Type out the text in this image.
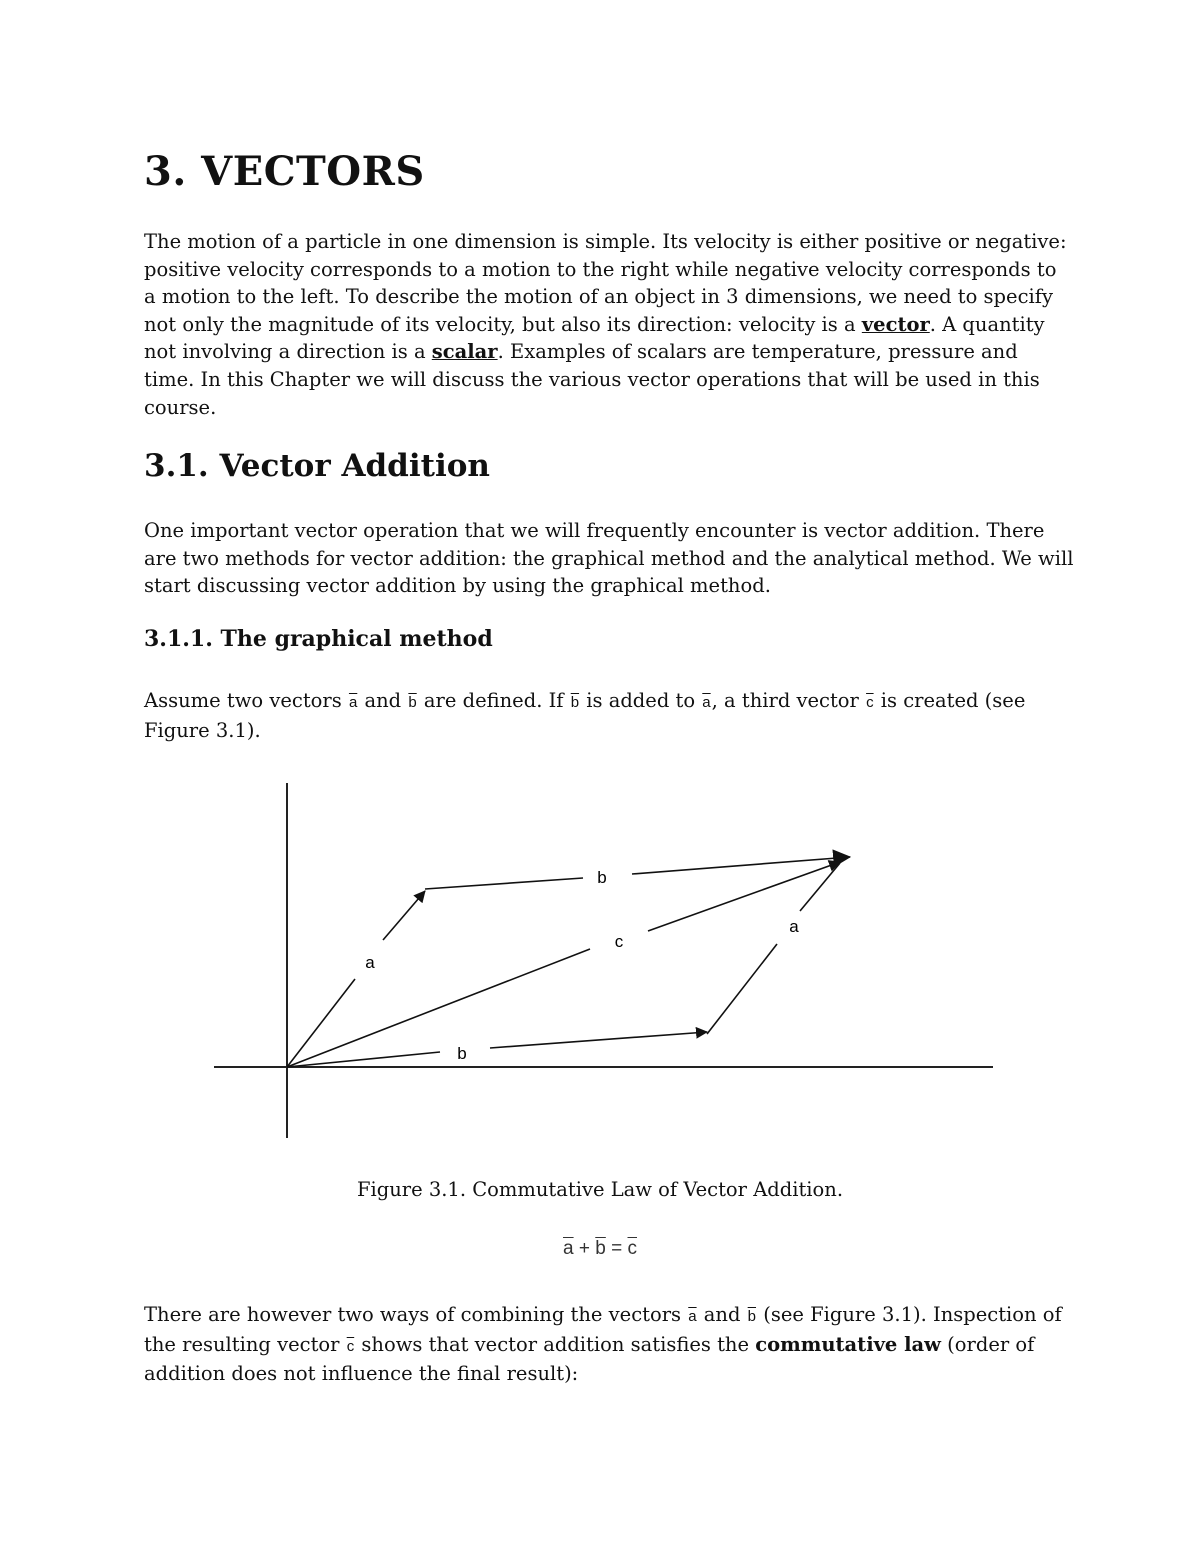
3. VECTORS

The motion of a particle in one dimension is simple. Its velocity is either positive or negative: positive velocity corresponds to a motion to the right while negative velocity corresponds to a motion to the left. To describe the motion of an object in 3 dimensions, we need to specify not only the magnitude of its velocity, but also its direction: velocity is a vector. A quantity not involving a direction is a scalar. Examples of scalars are temperature, pressure and time. In this Chapter we will discuss the various vector operations that will be used in this course.

3.1. Vector Addition

One important vector operation that we will frequently encounter is vector addition. There are two methods for vector addition: the graphical method and the analytical method. We will start discussing vector addition by using the graphical method.

3.1.1. The graphical method

Assume two vectors $\overline{a}$ and $\overline{b}$ are defined. If $\overline{b}$ is added to $\overline{a}$, a third vector $\overline{c}$ is created (see Figure 3.1).

a
b
c
b
a
Figure 3.1. Commutative Law of Vector Addition.
$\overline{a} + \overline{b} = \overline{c}$

There are however two ways of combining the vectors $\overline{a}$ and $\overline{b}$ (see Figure 3.1). Inspection of the resulting vector $\overline{c}$ shows that vector addition satisfies the commutative law (order of addition does not influence the final result):
